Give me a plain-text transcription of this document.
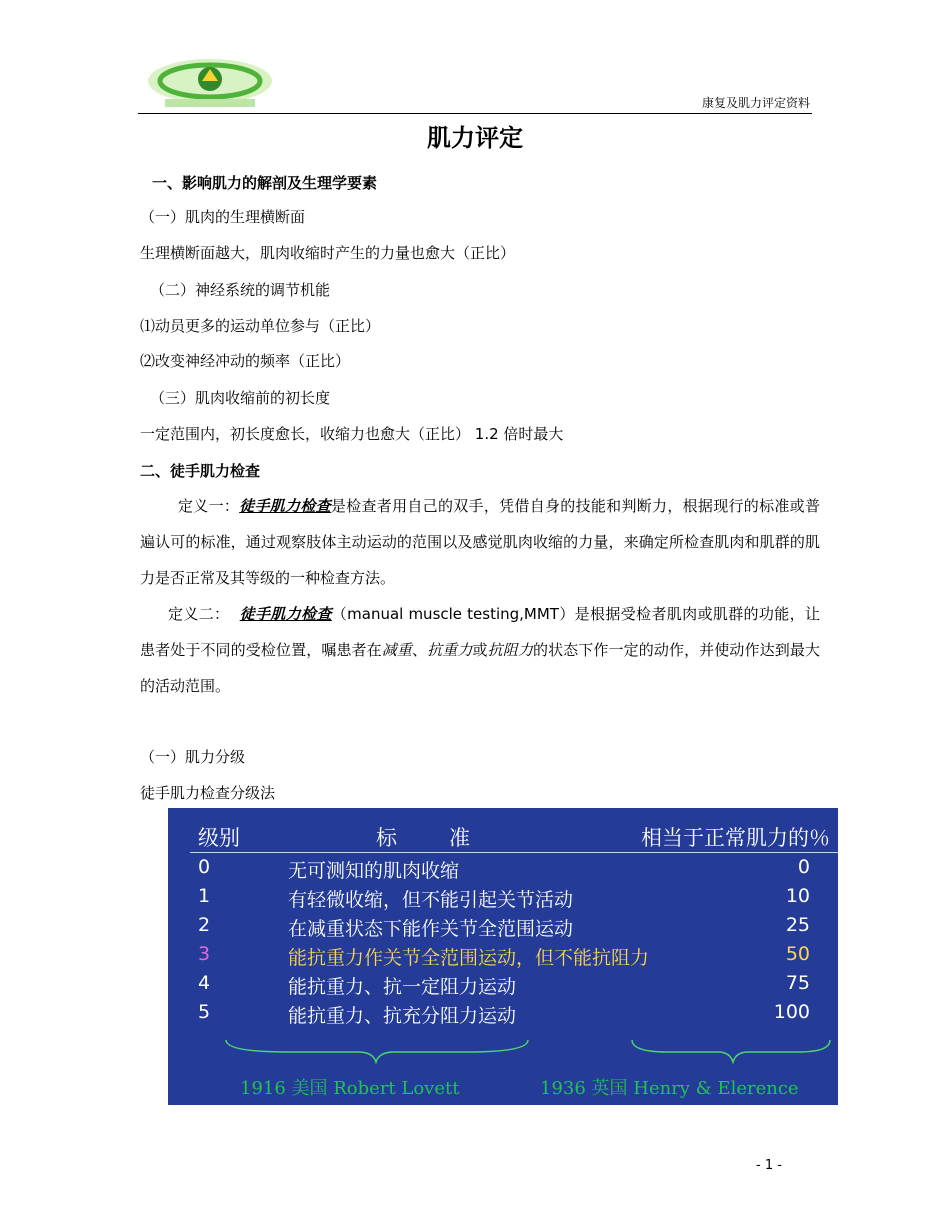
康复及肌力评定资料
肌力评定
一、影响肌力的解剖及生理学要素
（一）肌肉的生理横断面
生理横断面越大，肌肉收缩时产生的力量也愈大（正比）
（二）神经系统的调节机能
⑴动员更多的运动单位参与（正比）
⑵改变神经冲动的频率（正比）
（三）肌肉收缩前的初长度
一定范围内，初长度愈长，收缩力也愈大（正比） 1.2 倍时最大
二、徒手肌力检查
定义一：徒手肌力检查是检查者用自己的双手，凭借自身的技能和判断力，根据现行的标准或普遍认可的标准，通过观察肢体主动运动的范围以及感觉肌肉收缩的力量，来确定所检查肌肉和肌群的肌力是否正常及其等级的一种检查方法。
定义二： 徒手肌力检查（manual muscle testing,MMT）是根据受检者肌肉或肌群的功能，让患者处于不同的受检位置，嘱患者在减重、抗重力或抗阻力的状态下作一定的动作，并使动作达到最大的活动范围。
（一）肌力分级
徒手肌力检查分级法
级别	标准	相当于正常肌力的％
0	无可测知的肌肉收缩	0
1	有轻微收缩，但不能引起关节活动	10
2	在减重状态下能作关节全范围运动	25
3	能抗重力作关节全范围运动，但不能抗阻力	50
4	能抗重力、抗一定阻力运动	75
5	能抗重力、抗充分阻力运动	100
1916 美国 Robert Lovett	1936 英国 Henry & Elerence
- 1 -
